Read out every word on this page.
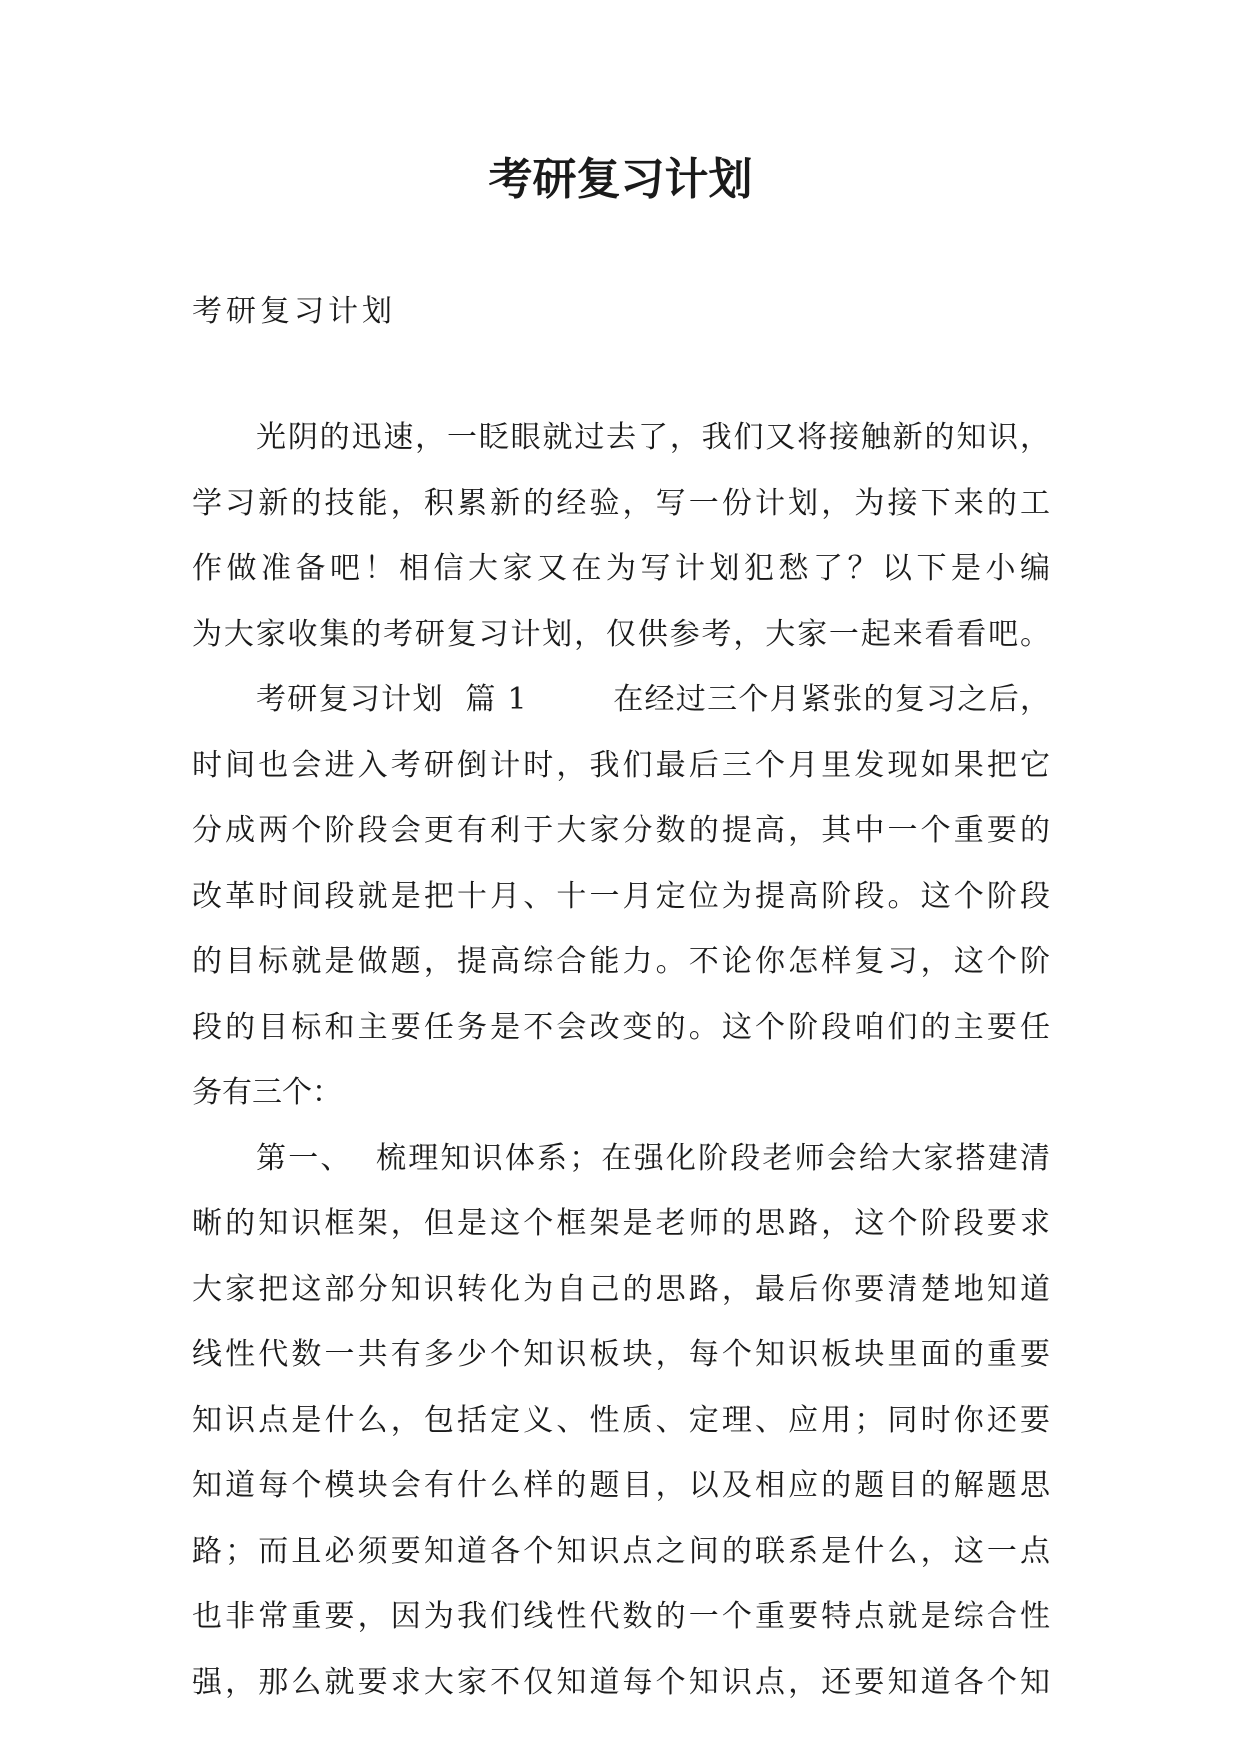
考研复习计划

考研复习计划

光阴的迅速，一眨眼就过去了，我们又将接触新的知识，
学习新的技能，积累新的经验，写一份计划，为接下来的工
作做准备吧！相信大家又在为写计划犯愁了？以下是小编
为大家收集的考研复习计划，仅供参考，大家一起来看看吧。
考研复习计划  篇 1        在经过三个月紧张的复习之后，
时间也会进入考研倒计时，我们最后三个月里发现如果把它
分成两个阶段会更有利于大家分数的提高，其中一个重要的
改革时间段就是把十月、十一月定位为提高阶段。这个阶段
的目标就是做题，提高综合能力。不论你怎样复习，这个阶
段的目标和主要任务是不会改变的。这个阶段咱们的主要任
务有三个：
第一、  梳理知识体系；在强化阶段老师会给大家搭建清
晰的知识框架，但是这个框架是老师的思路，这个阶段要求
大家把这部分知识转化为自己的思路，最后你要清楚地知道
线性代数一共有多少个知识板块，每个知识板块里面的重要
知识点是什么，包括定义、性质、定理、应用；同时你还要
知道每个模块会有什么样的题目，以及相应的题目的解题思
路；而且必须要知道各个知识点之间的联系是什么，这一点
也非常重要，因为我们线性代数的一个重要特点就是综合性
强，那么就要求大家不仅知道每个知识点，还要知道各个知
